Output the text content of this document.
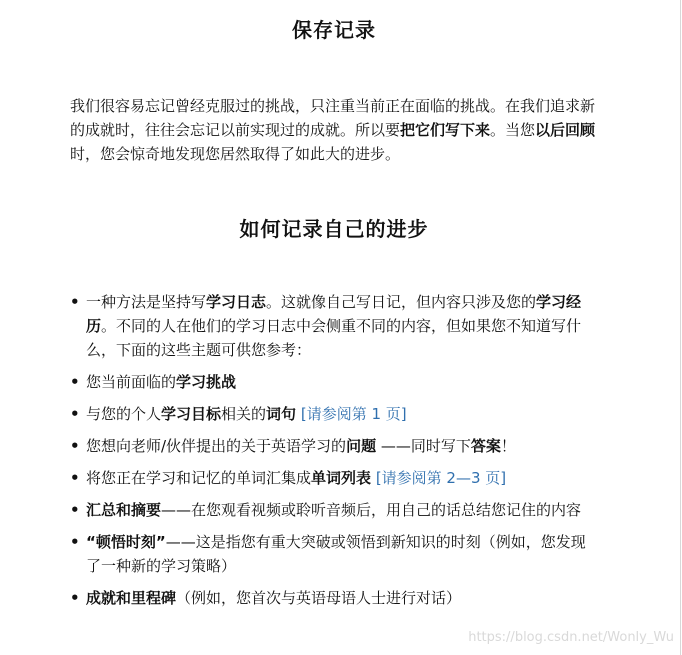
保存记录

我们很容易忘记曾经克服过的挑战，只注重当前正在面临的挑战。在我们追求新的成就时，往往会忘记以前实现过的成就。所以要把它们写下来。当您以后回顾时，您会惊奇地发现您居然取得了如此大的进步。

如何记录自己的进步
• 一种方法是坚持写学习日志。这就像自己写日记，但内容只涉及您的学习经历。不同的人在他们的学习日志中会侧重不同的内容，但如果您不知道写什么，下面的这些主题可供您参考：
• 您当前面临的学习挑战
• 与您的个人学习目标相关的词句 [请参阅第 1 页]
• 您想向老师/伙伴提出的关于英语学习的问题 ——同时写下答案！
• 将您正在学习和记忆的单词汇集成单词列表 [请参阅第 2—3 页]
• 汇总和摘要——在您观看视频或聆听音频后，用自己的话总结您记住的内容
• “顿悟时刻”——这是指您有重大突破或领悟到新知识的时刻（例如，您发现了一种新的学习策略）
• 成就和里程碑（例如，您首次与英语母语人士进行对话）
https://blog.csdn.net/Wonly_Wu
